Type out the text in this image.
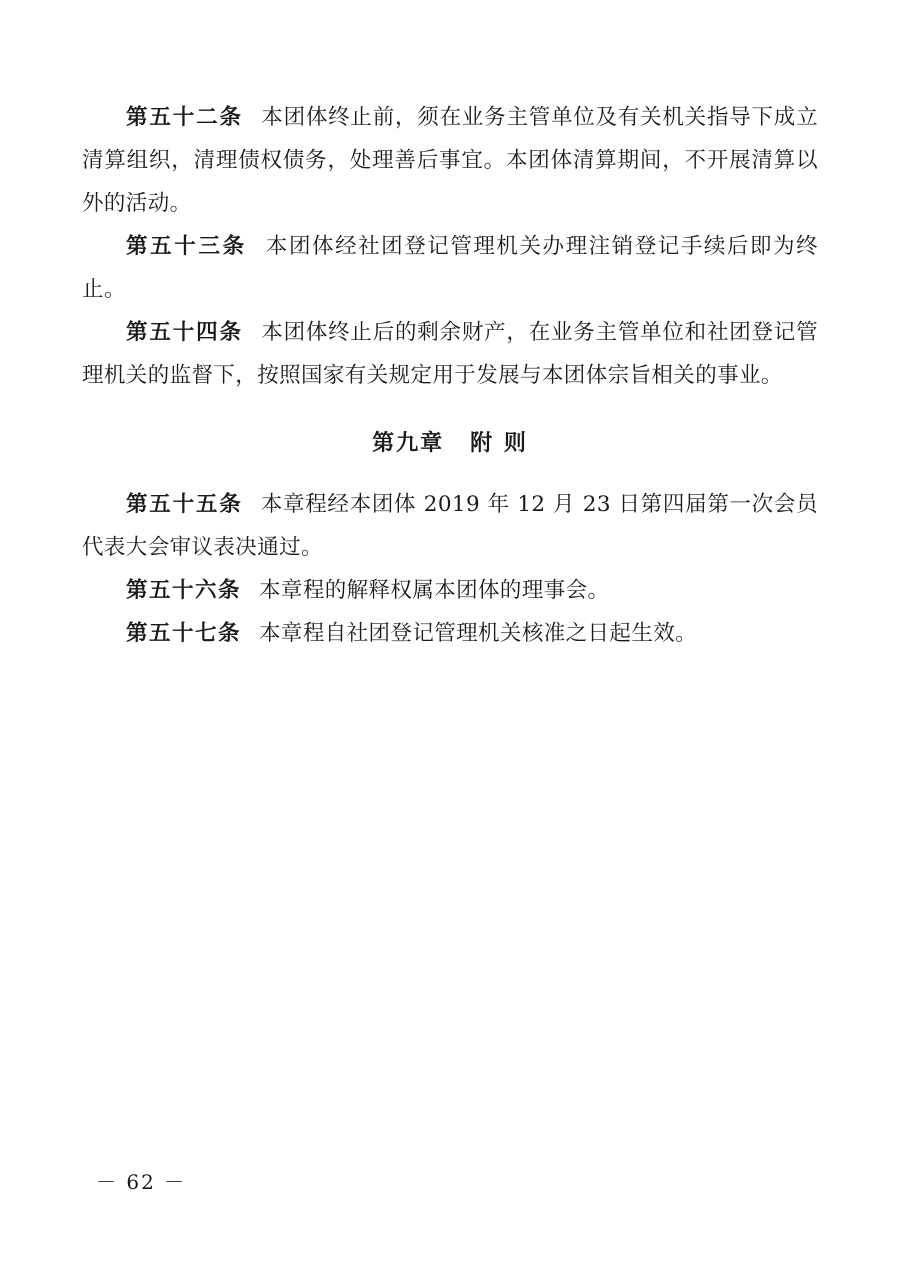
第五十二条 本团体终止前，须在业务主管单位及有关机关指导下成立清算组织，清理债权债务，处理善后事宜。本团体清算期间，不开展清算以外的活动。

第五十三条 本团体经社团登记管理机关办理注销登记手续后即为终止。

第五十四条 本团体终止后的剩余财产，在业务主管单位和社团登记管理机关的监督下，按照国家有关规定用于发展与本团体宗旨相关的事业。

第九章 附 则

第五十五条 本章程经本团体 2019 年 12 月 23 日第四届第一次会员代表大会审议表决通过。

第五十六条 本章程的解释权属本团体的理事会。

第五十七条 本章程自社团登记管理机关核准之日起生效。

－ 62 －
